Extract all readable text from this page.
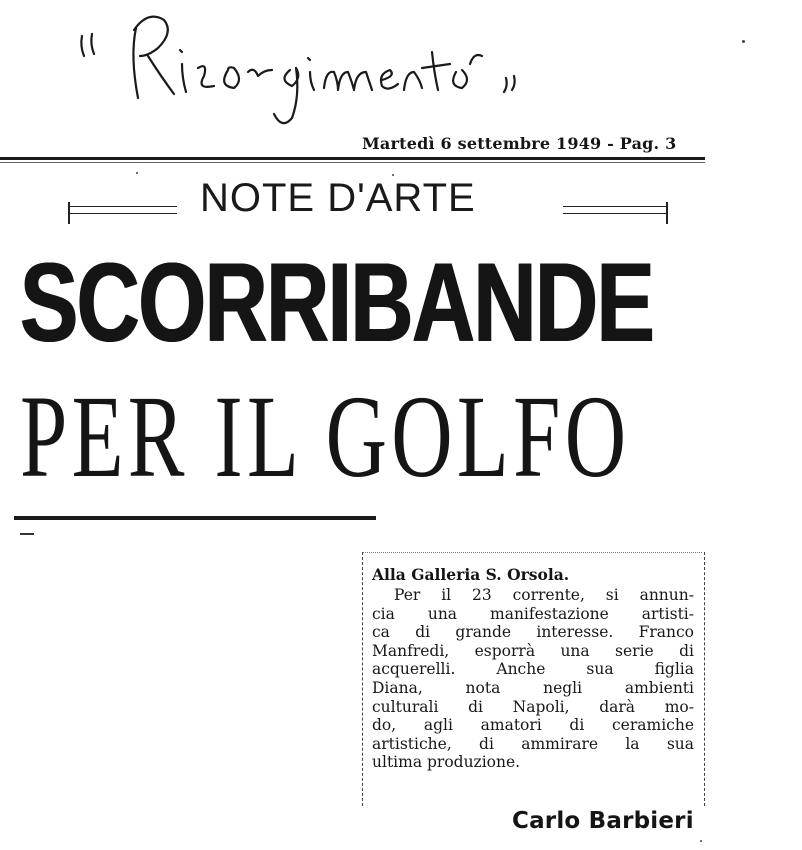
Martedì 6 settembre 1949 - Pag. 3
NOTE D'ARTE
SCORRIBANDE
PER IL GOLFO
Alla Galleria S. Orsola.
Per il 23 corrente, si annun-
cia una manifestazione artisti-
ca di grande interesse. Franco
Manfredi, esporrà una serie di
acquerelli. Anche sua figlia
Diana, nota negli ambienti
culturali di Napoli, darà mo-
do, agli amatori di ceramiche
artistiche, di ammirare la sua
ultima produzione.
Carlo Barbieri
